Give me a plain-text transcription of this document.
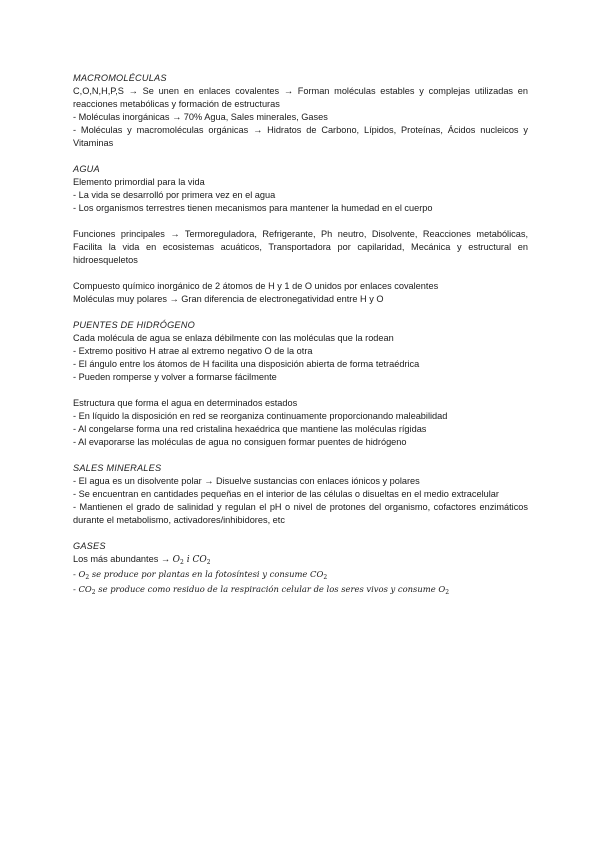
MACROMOLÉCULAS
C,O,N,H,P,S → Se unen en enlaces covalentes → Forman moléculas estables y complejas utilizadas en reacciones metabólicas y formación de estructuras
- Moléculas inorgánicas → 70% Agua, Sales minerales, Gases
- Moléculas y macromoléculas orgánicas → Hidratos de Carbono, Lípidos, Proteínas, Ácidos nucleicos y Vitaminas
AGUA
Elemento primordial para la vida
- La vida se desarrolló por primera vez en el agua
- Los organismos terrestres tienen mecanismos para mantener la humedad en el cuerpo
Funciones principales → Termoreguladora, Refrigerante, Ph neutro, Disolvente, Reacciones metabólicas, Facilita la vida en ecosistemas acuáticos, Transportadora por capilaridad, Mecánica y estructural en hidroesqueletos
Compuesto químico inorgánico de 2 átomos de H y 1 de O unidos por enlaces covalentes
Moléculas muy polares → Gran diferencia de electronegatividad entre H y O
PUENTES DE HIDRÓGENO
Cada molécula de agua se enlaza débilmente con las moléculas que la rodean
- Extremo positivo H atrae al extremo negativo O de la otra
- El ángulo entre los átomos de H facilita una disposición abierta de forma tetraédrica
- Pueden romperse y volver a formarse fácilmente
Estructura que forma el agua en determinados estados
- En líquido la disposición en red se reorganiza continuamente proporcionando maleabilidad
- Al congelarse forma una red cristalina hexaédrica que mantiene las moléculas rígidas
- Al evaporarse las moléculas de agua no consiguen formar puentes de hidrógeno
SALES MINERALES
- El agua es un disolvente polar → Disuelve sustancias con enlaces iónicos y polares
- Se encuentran en cantidades pequeñas en el interior de las células o disueltas en el medio extracelular
- Mantienen el grado de salinidad y regulan el pH o nivel de protones del organismo, cofactores enzimáticos durante el metabolismo, activadores/inhibidores, etc
GASES
Los más abundantes → $O_2$ i $CO_2$
- $O_2$ se produce por plantas en la fotosíntesi y consume $CO_2$
- $CO_2$ se produce como residuo de la respiración celular de los seres vivos y consume $O_2$
